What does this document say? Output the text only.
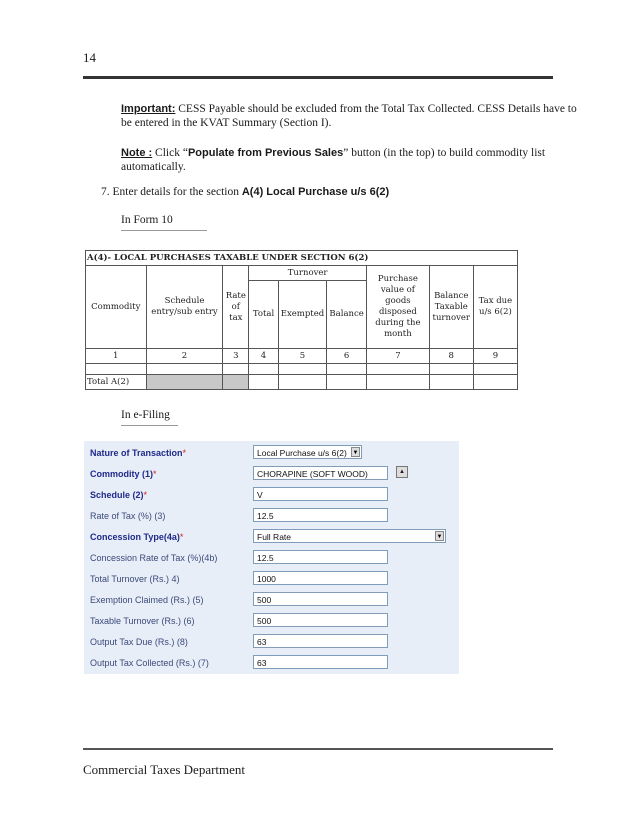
14
Important: CESS Payable should be excluded from the Total Tax Collected. CESS Details have to be entered in the KVAT Summary (Section I).
Note : Click “Populate from Previous Sales” button (in the top) to build commodity list automatically.
7. Enter details for the section A(4) Local Purchase u/s 6(2)
In Form 10
A(4)- LOCAL PURCHASES TAXABLE UNDER SECTION 6(2)								
Commodity	Schedule entry/sub entry	Rate of tax	Turnover			Purchase value of goods disposed during the month	Balance Taxable turnover	Tax due u/s 6(2)
			Total	Exempted	Balance			
1	2	3	4	5	6	7	8	9

Total A(2)								
In e-Filing
Nature of Transaction*	Local Purchase u/s 6(2) ▼
Commodity (1)*	CHORAPINE (SOFT WOOD)	▲
Schedule (2)*	V
Rate of Tax (%) (3)	12.5
Concession Type(4a)*	Full Rate	▼
Concession Rate of Tax (%)(4b)	12.5
Total Turnover (Rs.) 4)	1000
Exemption Claimed (Rs.) (5)	500
Taxable Turnover (Rs.) (6)	500
Output Tax Due (Rs.) (8)	63
Output Tax Collected (Rs.) (7)	63
Commercial Taxes Department
